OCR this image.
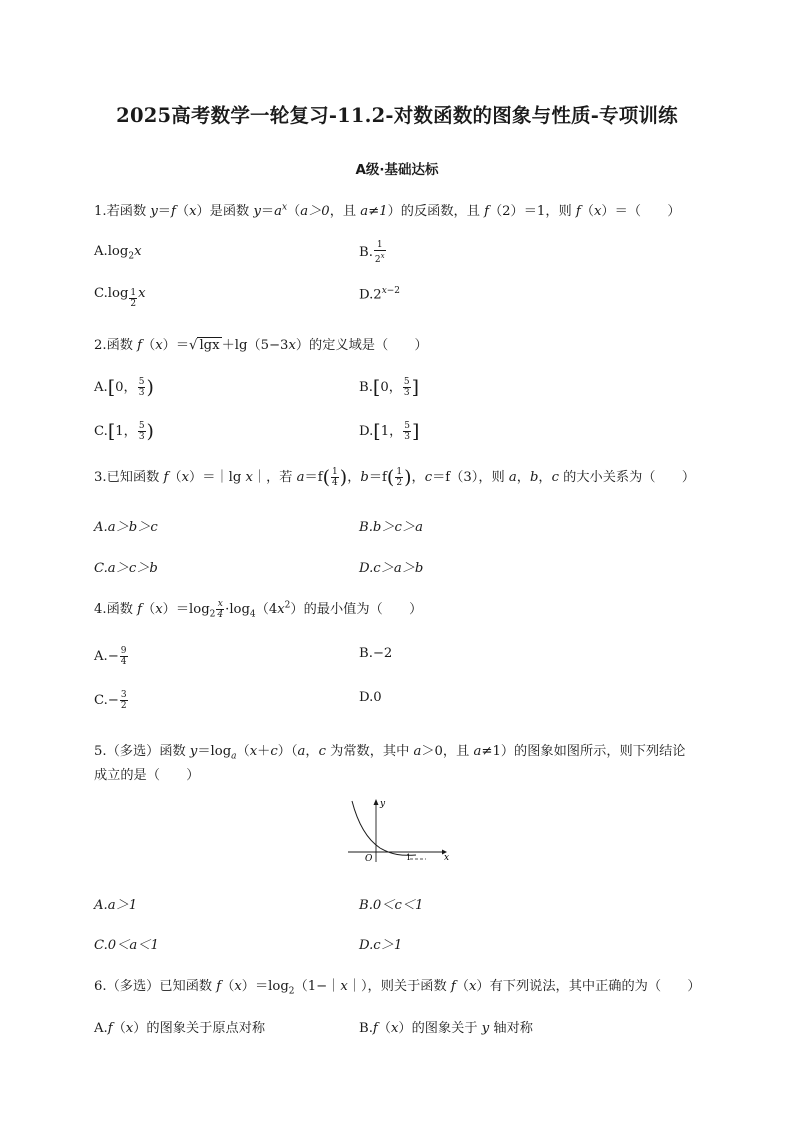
2025高考数学一轮复习-11.2-对数函数的图象与性质-专项训练
A级·基础达标
1.若函数 y＝f（x）是函数 $y=a^x(a>0$，且 a≠1）的反函数，且 f（2）＝1，则 f（x）＝（　　）
$A.\log_2x$	B. $\frac{1}{2^x}$
$C.\log \frac{1}{2}$ x	$D.2^{x-2}$
2.函数 f（x）＝√ lgx ＋lg（5−3x）的定义域是（　　）
A.[0， $\frac{5}{3}$ )	B.[0， $\frac{5}{3}$ ]
C.[1， $\frac{5}{3}$ )	D.[1， $\frac{5}{3}$ ]
3.已知函数 f（x）＝｜lg x｜，若 $a=f( \frac{1}{4}$ )，$b=f( \frac{1}{2}$ )，c＝f（3），则 a，b，c 的大小关系为（　　）
A.a＞b＞c	B.b＞c＞a
C.a＞c＞b	D.c＞a＞b
4.函数 $f(x)=\log_2 \frac{x}{4} \cdot\log_4(4x^2)$的最小值为（　　）
$A.- \frac{9}{4}$	B.−2
$C.- \frac{3}{2}$	D.0
5.（多选）函数 $y=\log_a(x+c)(a$，c 为常数，其中 a＞0，且 a≠1）的图象如图所示，则下列结论
成立的是（　　）
y
x
O	1
A.a＞1	B.0＜c＜1
C.0＜a＜1	D.c＞1
6.（多选）已知函数 $f(x)=\log_2(1-|x|)$，则关于函数 f（x）有下列说法，其中正确的为（　　）
A.f（x）的图象关于原点对称	B.f（x）的图象关于 y 轴对称
